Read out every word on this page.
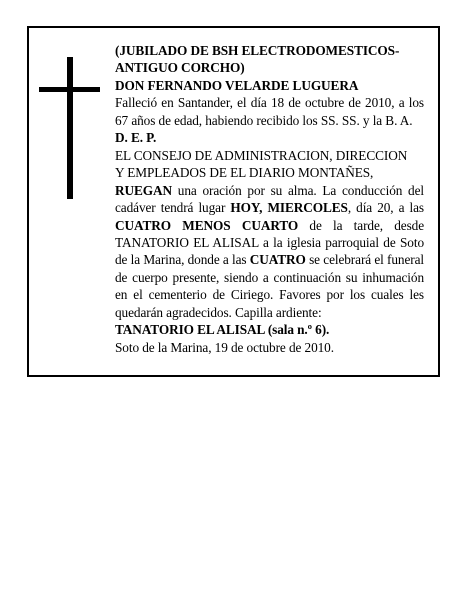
(JUBILADO DE BSH ELECTRODOMESTICOS-

ANTIGUO CORCHO)

DON FERNANDO VELARDE LUGUERA

Falleció en Santander, el día 18 de octubre de 2010, a los 67 años de edad, habiendo recibido los SS. SS. y la B. A.

D. E. P.

EL CONSEJO DE ADMINISTRACION, DIRECCION

Y EMPLEADOS DE EL DIARIO MONTAÑES,

RUEGAN una oración por su alma. La conducción del cadáver tendrá lugar HOY, MIERCOLES, día 20, a las CUATRO MENOS CUARTO de la tarde, desde TANATORIO EL ALISAL a la iglesia parroquial de Soto de la Marina, donde a las CUATRO se celebrará el funeral de cuerpo presente, siendo a continuación su inhumación en el cementerio de Ciriego. Favores por los cuales les quedarán agradecidos. Capilla ardiente:

TANATORIO EL ALISAL (sala n.º 6).

Soto de la Marina, 19 de octubre de 2010.
